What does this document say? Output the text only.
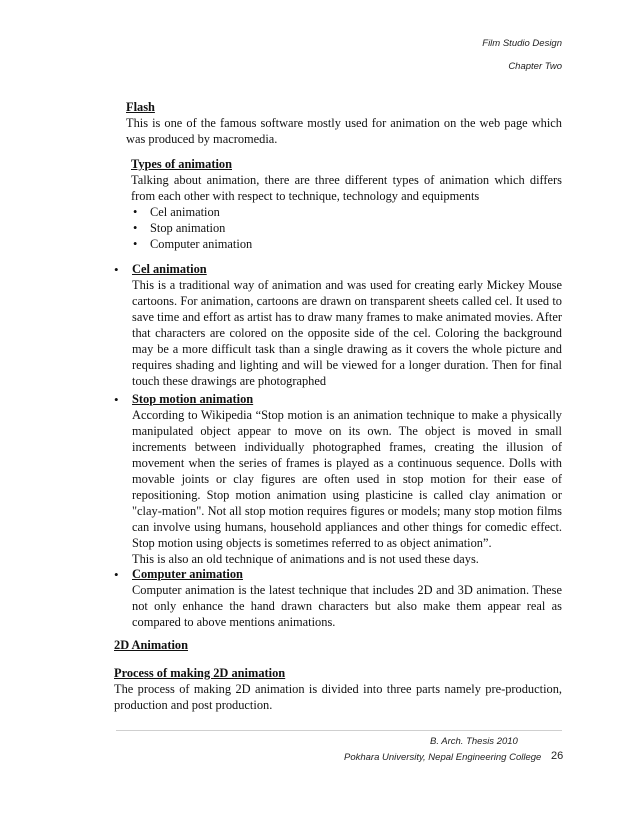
Film Studio Design
Chapter Two
Flash
This is one of the famous software mostly used for animation on the web page which was produced by macromedia.
Types of animation
Talking about animation, there are three different types of animation which differs from each other with respect to technique, technology and equipments
• Cel animation
• Stop animation
• Computer animation
• Cel animation
This is a traditional way of animation and was used for creating early Mickey Mouse cartoons. For animation, cartoons are drawn on transparent sheets called cel. It used to save time and effort as artist has to draw many frames to make animated movies. After that characters are colored on the opposite side of the cel. Coloring the background may be a more difficult task than a single drawing as it covers the whole picture and requires shading and lighting and will be viewed for a longer duration. Then for final touch these drawings are photographed
• Stop motion animation
According to Wikipedia “Stop motion is an animation technique to make a physically manipulated object appear to move on its own. The object is moved in small increments between individually photographed frames, creating the illusion of movement when the series of frames is played as a continuous sequence. Dolls with movable joints or clay figures are often used in stop motion for their ease of repositioning. Stop motion animation using plasticine is called clay animation or "clay-mation". Not all stop motion requires figures or models; many stop motion films can involve using humans, household appliances and other things for comedic effect. Stop motion using objects is sometimes referred to as object animation”.
This is also an old technique of animations and is not used these days.
• Computer animation
Computer animation is the latest technique that includes 2D and 3D animation. These not only enhance the hand drawn characters but also make them appear real as compared to above mentions animations.
2D Animation
Process of making 2D animation
The process of making 2D animation is divided into three parts namely pre-production, production and post production.
B. Arch. Thesis 2010
Pokhara University, Nepal Engineering College 26
